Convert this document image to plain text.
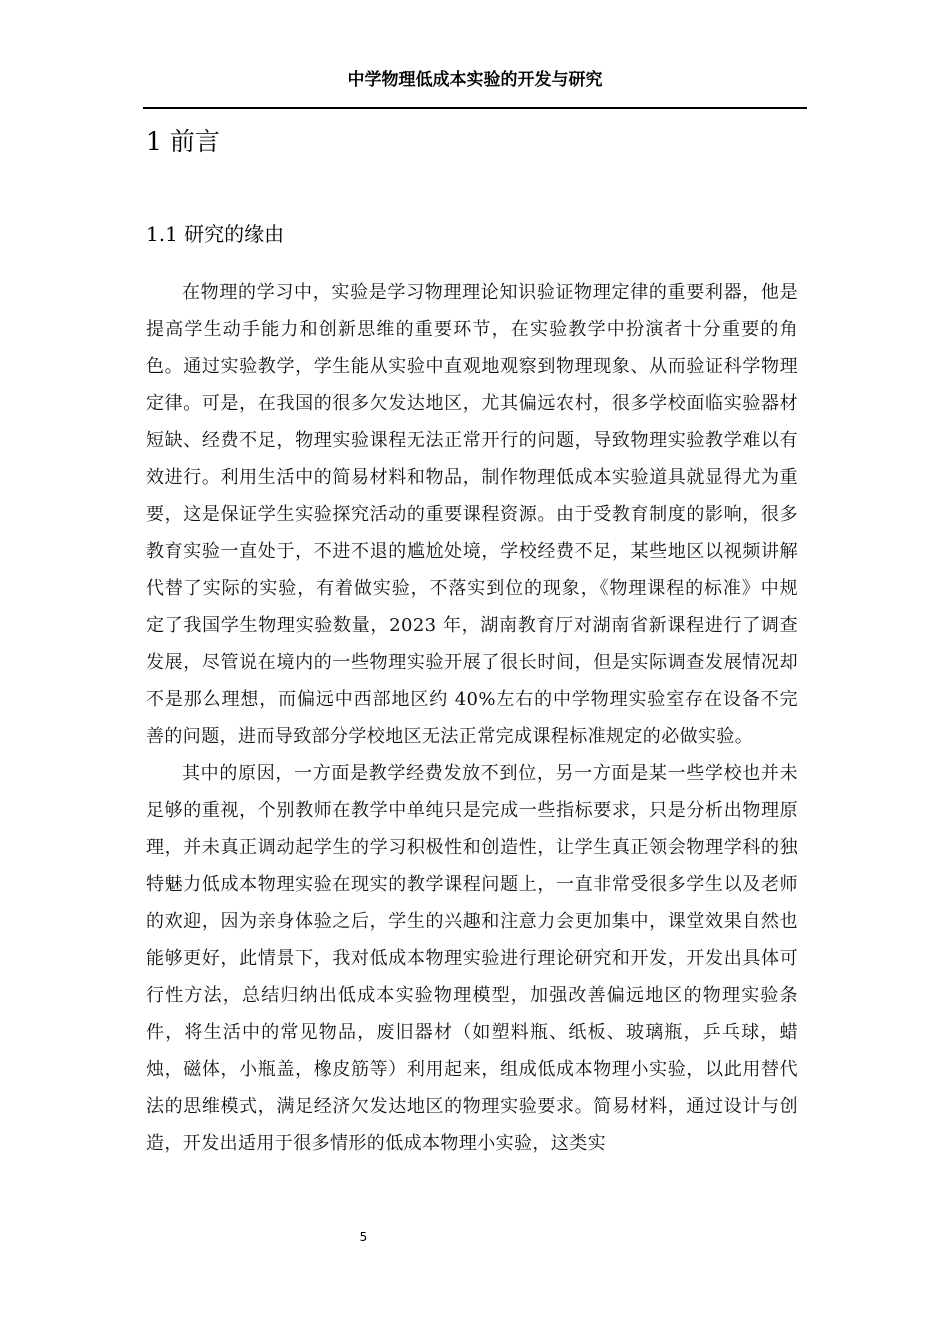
中学物理低成本实验的开发与研究
1 前言
1.1 研究的缘由

在物理的学习中，实验是学习物理理论知识验证物理定律的重要利器，他是提高学生动手能力和创新思维的重要环节，在实验教学中扮演者十分重要的角色。通过实验教学，学生能从实验中直观地观察到物理现象、从而验证科学物理定律。可是，在我国的很多欠发达地区，尤其偏远农村，很多学校面临实验器材短缺、经费不足，物理实验课程无法正常开行的问题，导致物理实验教学难以有效进行。利用生活中的简易材料和物品，制作物理低成本实验道具就显得尤为重要，这是保证学生实验探究活动的重要课程资源。由于受教育制度的影响，很多教育实验一直处于，不进不退的尴尬处境，学校经费不足，某些地区以视频讲解代替了实际的实验，有着做实验，不落实到位的现象，《物理课程的标准》中规定了我国学生物理实验数量，2023 年，湖南教育厅对湖南省新课程进行了调查发展，尽管说在境内的一些物理实验开展了很长时间，但是实际调查发展情况却不是那么理想，而偏远中西部地区约 40%左右的中学物理实验室存在设备不完善的问题，进而导致部分学校地区无法正常完成课程标准规定的必做实验。

其中的原因，一方面是教学经费发放不到位，另一方面是某一些学校也并未足够的重视，个别教师在教学中单纯只是完成一些指标要求，只是分析出物理原理，并未真正调动起学生的学习积极性和创造性，让学生真正领会物理学科的独特魅力低成本物理实验在现实的教学课程问题上，一直非常受很多学生以及老师的欢迎，因为亲身体验之后，学生的兴趣和注意力会更加集中，课堂效果自然也能够更好，此情景下，我对低成本物理实验进行理论研究和开发，开发出具体可行性方法，总结归纳出低成本实验物理模型，加强改善偏远地区的物理实验条件，将生活中的常见物品，废旧器材（如塑料瓶、纸板、玻璃瓶，乒乓球，蜡烛，磁体，小瓶盖，橡皮筋等）利用起来，组成低成本物理小实验，以此用替代法的思维模式，满足经济欠发达地区的物理实验要求。简易材料，通过设计与创造，开发出适用于很多情形的低成本物理小实验，这类实

5
